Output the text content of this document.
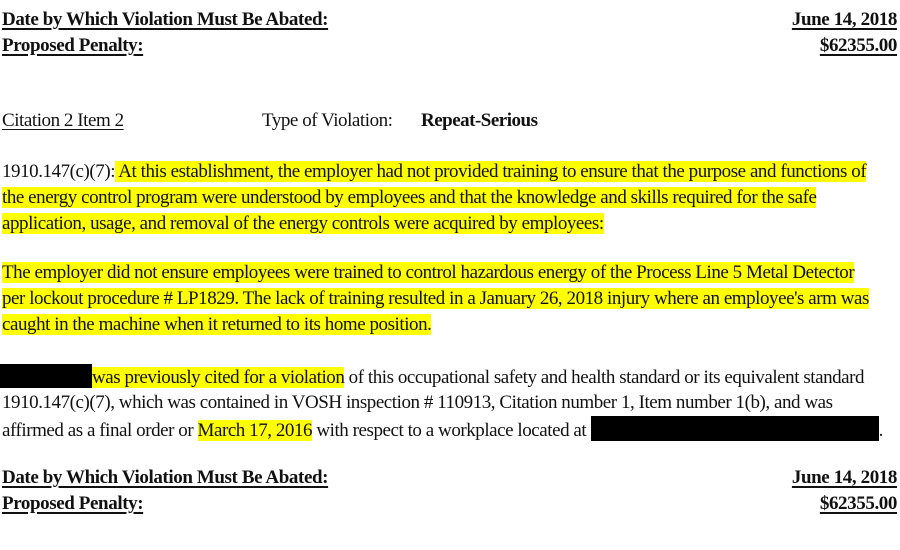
Date by Which Violation Must Be Abated:	June 14, 2018
Proposed Penalty:	$62355.00
Citation 2 Item 2	Type of Violation: Repeat-Serious
1910.147(c)(7): At this establishment, the employer had not provided training to ensure that the purpose and functions of
the energy control program were understood by employees and that the knowledge and skills required for the safe
application, usage, and removal of the energy controls were acquired by employees:
The employer did not ensure employees were trained to control hazardous energy of the Process Line 5 Metal Detector
per lockout procedure # LP1829. The lack of training resulted in a January 26, 2018 injury where an employee's arm was
caught in the machine when it returned to its home position.
was previously cited for a violation of this occupational safety and health standard or its equivalent standard
1910.147(c)(7), which was contained in VOSH inspection # 110913, Citation number 1, Item number 1(b), and was
affirmed as a final order or March 17, 2016 with respect to a workplace located at	.
Date by Which Violation Must Be Abated:	June 14, 2018
Proposed Penalty:	$62355.00
